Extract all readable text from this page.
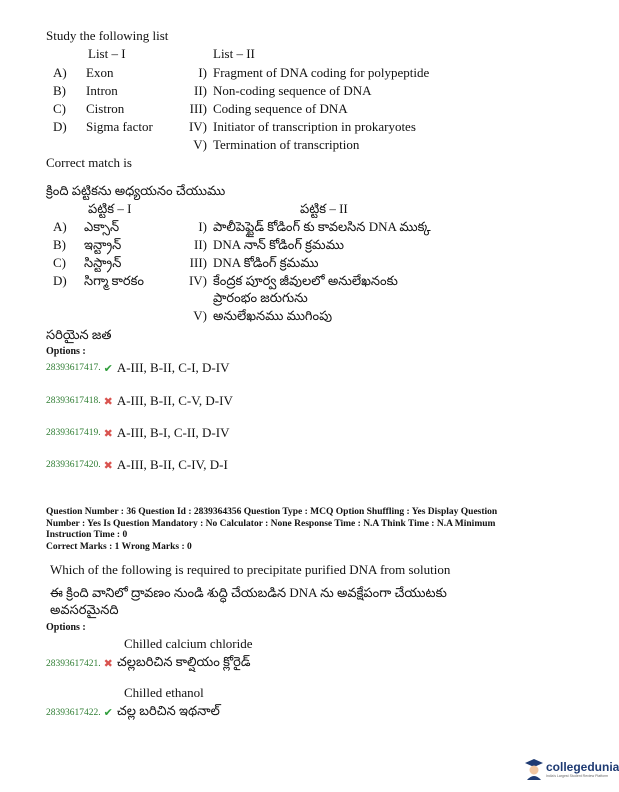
Study the following list
List – I	List – II
A) Exon	I) Fragment of DNA coding for polypeptide
B) Intron	II) Non-coding sequence of DNA
C) Cistron	III) Coding sequence of DNA
D) Sigma factor	IV) Initiator of transcription in prokaryotes
V) Termination of transcription
Correct match is
క్రింది పట్టికను అధ్యయనం చేయుము
పట్టిక – I	పట్టిక – II
A) ఎక్సాన్	I) పాలీపెప్టైడ్ కోడింగ్ కు కావలసిన DNA ముక్క
B) ఇన్ట్రాన్	II) DNA నాన్ కోడింగ్ క్రమము
C) సిస్ట్రాన్	III) DNA కోడింగ్ క్రమము
D) సిగ్మా కారకం	IV) కేంద్రక పూర్వ జీవులలో అనులేఖనంకు
ప్రారంభం జరుగును
V) అనులేఖనము ముగింపు
సరియైన జత
Options :
28393617417. ✔ A-III, B-II, C-I, D-IV
28393617418. ✖ A-III, B-II, C-V, D-IV
28393617419. ✖ A-III, B-I, C-II, D-IV
28393617420. ✖ A-III, B-II, C-IV, D-I
Question Number : 36 Question Id : 2839364356 Question Type : MCQ Option Shuffling : Yes Display Question
Number : Yes Is Question Mandatory : No Calculator : None Response Time : N.A Think Time : N.A Minimum
Instruction Time : 0
Correct Marks : 1 Wrong Marks : 0
Which of the following is required to precipitate purified DNA from solution
ఈ క్రింది వానిలో ద్రావణం నుండి శుద్ధి చేయబడిన DNA ను అవక్షేపంగా చేయుటకు
అవసరమైనది
Options :
Chilled calcium chloride
28393617421. ✖ చల్లబరిచిన కాల్షియం క్లోరైడ్
Chilled ethanol
28393617422. ✔ చల్ల బరిచిన ఇథనాల్
collegedunia
India's Largest Student Review Platform
